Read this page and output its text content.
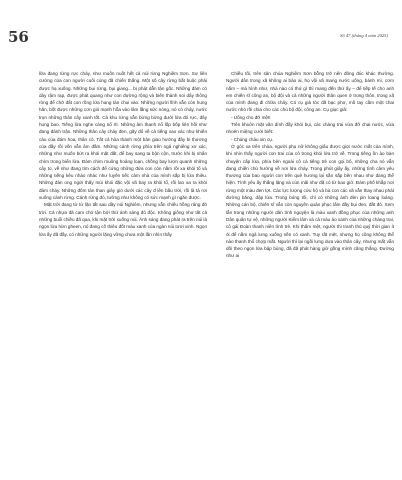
56	Số 47 (tháng 4 năm 2025)

lữa đang rừng rực cháy, như muốn nuốt hết cả núi rừng Nghiêm Sơn. Sư liên cường của con người cuối cùng đã chiến thắng. Một số cây rừng bắt buộc phải được hạ xuống. Những bụi rừng, bụi giang... bị phát dẫn tận gốc. Những đám cỏ dày rậm rạp, được phát quang như con đường rộng và biến thành soi dây thông ròng để chở đất con rồng lửa hung tàn chui vào. Những người lĩnh vẫn còn hung hăn, bốt được những cơn gió mạnh hỗa vào lâm lẵng sức nóng, nó có cháy, nước trọn những thân cây xanh tốt. Cả khu rừng vẫn bừng bừng dưới lửa đó rực, đây hung bao. Tiếng lửa nghe càng nổ rít. Những âm thanh nổ lốp bốp liên hồi như đang đánh trận. Những thân cây cháy đen, gãy đổ về cả tiếng xao xác như khiến cảu của đám hoa, thân cỏ. Tất cả hòa thành một bản giao hưởng đầy bi thương của đầy rồi vốn vẫn âm đầm. Những cánh rừng phía trên ngả nghiêng xơ xác, những như muốn bứt ra khỏi mặt đất, để bay sang ta bộn cộn, trước khi bị nhấn chìm trong biển lửa. Đám chim muông hoảng loạn, chồng bay lượn quanh những cây to, về như đang tìm cách để cứng những đứa con còn nằm rồi xa khỏi tổ và những tiếng kêu nháo nhác như luyến tiếc cảm nhà của mình sắp bị lửa thiêu. Những đàn ong ngửi thấy mùi khói đặc vội vã bay ra khỏi tổ, rồi lao xa ra khỏi đám cháy. Những đốm tàn than giây gió dưới các cây đ lên bầu trời, rồi lả tả rơi xuống cánh rừng. Cánh rừng đó, tưởng như không có sức mạnh gì ngăn được.

Mặt trời đang từ từ lặn tắt sau dãy núi Nghiêm, nhưng vẫn chiếu hồng ráng đỏ trời. Cả nhựa đã cam chớ tận bởi thứ ánh sáng đỏ độc. Không giống như tất cả những buổi chiều đã qua, khi mặt trời xuống núi. Ánh sáng đang phát ra trên núi là ngọn lửa hừn gheen, nó đang cố thiêu đốt màu xanh của ngàn núi tươi xinh. Ngọn lửa ấy đã đầy, có những người lặng vững chưa một lần nhìn thấy

Chiều tối, trên sân chùa Nghiêm Sơn bỗng trở nên đông đúc khác thường. Người dân trong xã không ai bảo ai, họ vội vã mang nước uống, bánh mì, cơm nắm – mà hình như, nhà nào có thứ gì thì mang đến thứ ấy – để tiếp tế cho anh em chiến sĩ công an, bộ đội và cả những người thân quen ở trong thôn, trong xã của mình đang đi chữa cháy. Có cụ già tóc đã bạc phơ, mồ tay cầm một chai nước nhỏ rồi chia cho các chú bộ đội, công an. Cụ giục giã:

- Uống cho đỡ mệt!

Trên khuôn mặt văn dính đầy khói bụi, các chàng trai vừa đỡ chai nước, vừa nhoẻn miệng cười biết:

- Chúng cháu xin cụ.

Ở góc xa trên chùa, người phụ nữ không giấu được giọt nước mắt của mình, khi nhìn thấy người con trai của cô trong khói lửa trở về. Trong tiếng ồn ào bàn chuyện cấp lửa, phía bên ngoài cô cả tiếng trẻ con gọi bố, những cha nó vẫn đang chiến chủ hướng về nơi lửa cháy. Trong phút giây ấy, những tình cảm yêu thương của bao người con trên quê hương lại sẵn sắp bên nhau như đang thể hiện. Tình yêu ấy thắng lặng và cùn mãi như đã có từ bao giờ. Đám phố khắp nơi rừng một màu đen lợt. Các lực lượng cứu hộ và bà con các xã vẫn thay nhau phát đường băng, dập lửa. Trong bóng tối, chỉ có những ánh đèn pin loang loáng. Những cán bộ, chiến sĩ vẫn còn nguyên quân phục lấm đầy bụi đen, đất đỏ. Xem lẫn trong những người dân tình nguyện là màu xanh đồng phục của những anh Dân quân tự vệ, những người Kiểm lâm và cả màu áo xanh của những chàng trai, cô gái Đoàn thanh niên tình trẻ. Khi thấm mệt, người thì tranh thủ quý thời gian ít ỏi để nằm ngả lưng xuống nền cỏ xanh. Tuy rất mệt, nhưng họ cũng không thể nào thanh thổ chợp mắt. Người thì lại ngồi lưng dưa vào thân cây, nhưng mắt vẫn dõi theo ngọn lửa bập bùng, đã đã phát hàng giờ gồng mình căng thẳng. Đường như ai
